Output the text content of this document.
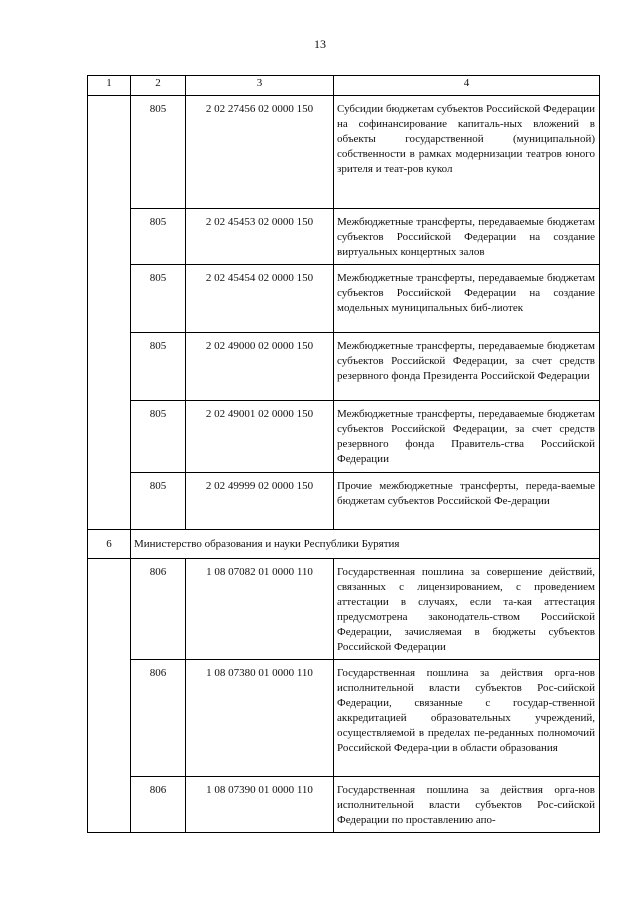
13
1	2	3	4
	805	2 02 27456 02 0000 150	Субсидии бюджетам субъектов Российской Федерации на софинансирование капиталь-ных вложений в объекты государственной (муниципальной) собственности в рамках модернизации театров юного зрителя и теат-ров кукол
	805	2 02 45453 02 0000 150	Межбюджетные трансферты, передаваемые бюджетам субъектов Российской Федерации на создание виртуальных концертных залов
	805	2 02 45454 02 0000 150	Межбюджетные трансферты, передаваемые бюджетам субъектов Российской Федерации на создание модельных муниципальных биб-лиотек
	805	2 02 49000 02 0000 150	Межбюджетные трансферты, передаваемые бюджетам субъектов Российской Федерации, за счет средств резервного фонда Президента Российской Федерации
	805	2 02 49001 02 0000 150	Межбюджетные трансферты, передаваемые бюджетам субъектов Российской Федерации, за счет средств резервного фонда Правитель-ства Российской Федерации
	805	2 02 49999 02 0000 150	Прочие межбюджетные трансферты, переда-ваемые бюджетам субъектов Российской Фе-дерации
6	Министерство образования и науки Республики Бурятия		
	806	1 08 07082 01 0000 110	Государственная пошлина за совершение действий, связанных с лицензированием, с проведением аттестации в случаях, если та-кая аттестация предусмотрена законодатель-ством Российской Федерации, зачисляемая в бюджеты субъектов Российской Федерации
	806	1 08 07380 01 0000 110	Государственная пошлина за действия орга-нов исполнительной власти субъектов Рос-сийской Федерации, связанные с государ-ственной аккредитацией образовательных учреждений, осуществляемой в пределах пе-реданных полномочий Российской Федера-ции в области образования
	806	1 08 07390 01 0000 110	Государственная пошлина за действия орга-нов исполнительной власти субъектов Рос-сийской Федерации по проставлению апо-
